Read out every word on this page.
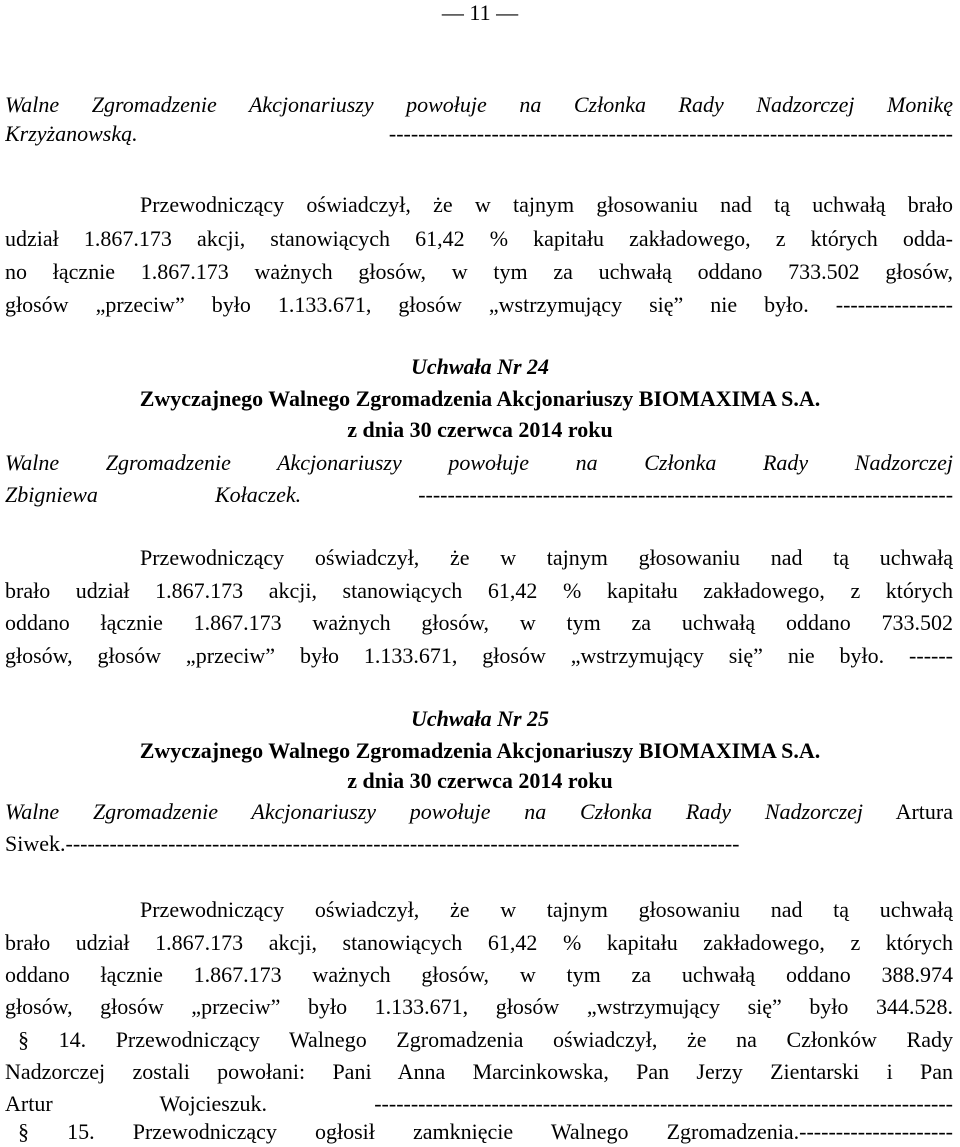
— 11 —
Walne Zgromadzenie Akcjonariuszy powołuje na Członka Rady Nadzorczej Monikę
Krzyżanowską.	-----------------------------------------------------------------------------
Przewodniczący oświadczył, że w tajnym głosowaniu nad tą uchwałą brało
udział 1.867.173 akcji, stanowiących 61,42 % kapitału zakładowego, z których odda-
no łącznie 1.867.173 ważnych głosów, w tym za uchwałą oddano 733.502 głosów,
głosów „przeciw” było 1.133.671, głosów „wstrzymujący się” nie było. ----------------
Uchwała Nr 24
Zwyczajnego Walnego Zgromadzenia Akcjonariuszy BIOMAXIMA S.A.
z dnia 30 czerwca 2014 roku
Walne Zgromadzenie Akcjonariuszy powołuje na Członka Rady Nadzorczej
Zbigniewa Kołaczek.	-------------------------------------------------------------------------
Przewodniczący oświadczył, że w tajnym głosowaniu nad tą uchwałą
brało udział 1.867.173 akcji, stanowiących 61,42 % kapitału zakładowego, z których
oddano łącznie 1.867.173 ważnych głosów, w tym za uchwałą oddano 733.502
głosów, głosów „przeciw” było 1.133.671, głosów „wstrzymujący się” nie było. ------
Uchwała Nr 25
Zwyczajnego Walnego Zgromadzenia Akcjonariuszy BIOMAXIMA S.A.
z dnia 30 czerwca 2014 roku
Walne Zgromadzenie Akcjonariuszy powołuje na Członka Rady Nadzorczej Artura
Siwek.--------------------------------------------------------------------------------------------
Przewodniczący oświadczył, że w tajnym głosowaniu nad tą uchwałą
brało udział 1.867.173 akcji, stanowiących 61,42 % kapitału zakładowego, z których
oddano łącznie 1.867.173 ważnych głosów, w tym za uchwałą oddano 388.974
głosów, głosów „przeciw” było 1.133.671, głosów „wstrzymujący się” było 344.528.
§ 14. Przewodniczący Walnego Zgromadzenia oświadczył, że na Członków Rady
Nadzorczej zostali powołani: Pani Anna Marcinkowska, Pan Jerzy Zientarski i Pan
Artur Wojcieszuk. -------------------------------------------------------------------------------
§ 15. Przewodniczący ogłosił zamknięcie Walnego Zgromadzenia.---------------------
